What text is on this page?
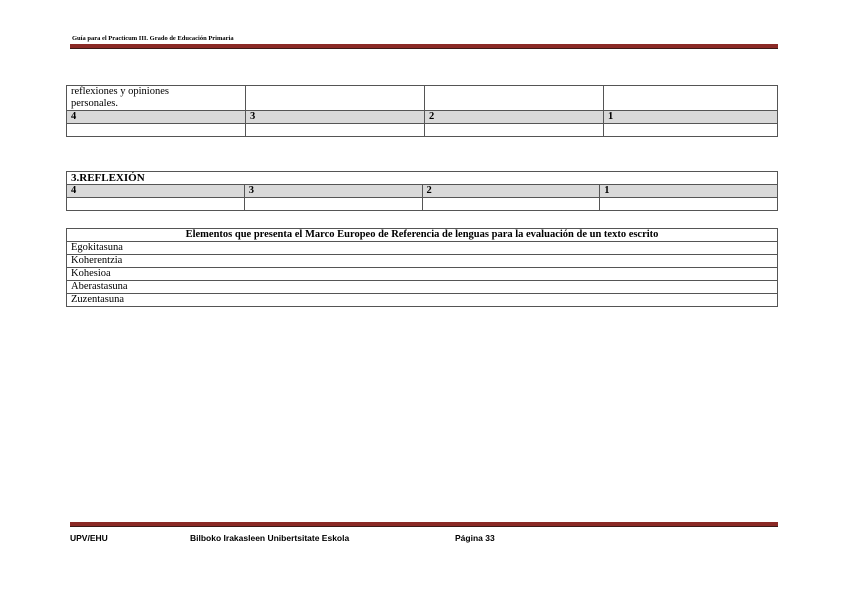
Guía para el Practicum III. Grado de Educación Primaria
reflexiones y opiniones
personales.			

4	3	2	1

3.REFLEXIÓN			
4	3	2	1

Elementos que presenta el Marco Europeo de Referencia de lenguas para la evaluación de un texto escrito
Egokitasuna
Koherentzia
Kohesioa
Aberastasuna
Zuzentasuna
UPV/EHU	Bilboko Irakasleen Unibertsitate Eskola	Página 33
